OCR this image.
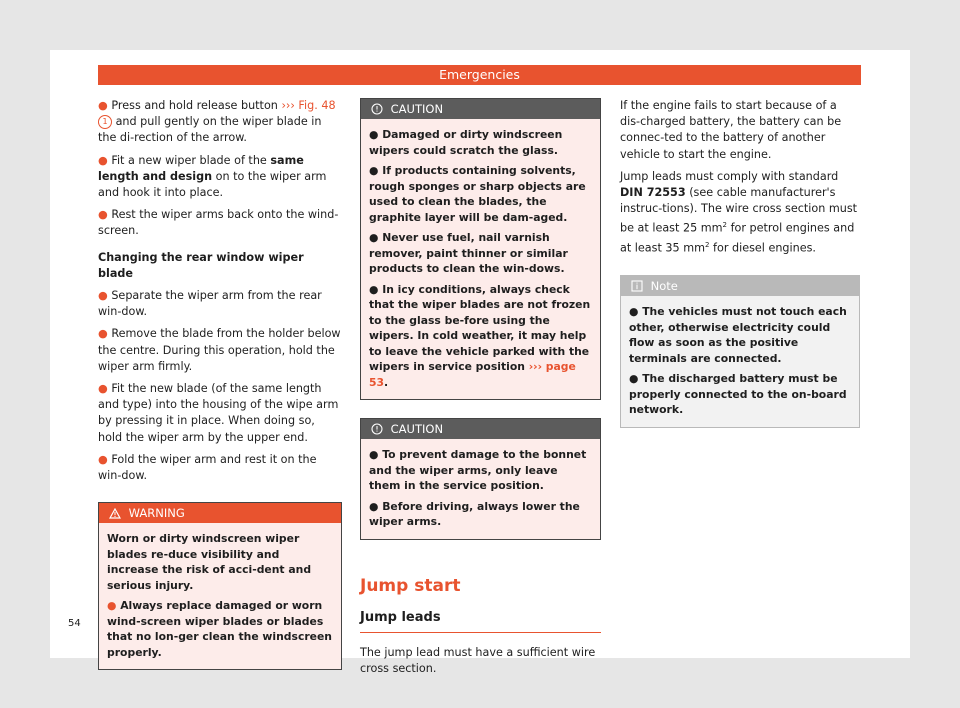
Emergencies

● Press and hold release button ››› Fig. 48 1 and pull gently on the wiper blade in the di-rection of the arrow.

● Fit a new wiper blade of the same length and design on to the wiper arm and hook it into place.

● Rest the wiper arms back onto the wind-screen.

Changing the rear window wiper blade

● Separate the wiper arm from the rear win-dow.

● Remove the blade from the holder below the centre. During this operation, hold the wiper arm firmly.

● Fit the new blade (of the same length and type) into the housing of the wipe arm by pressing it in place. When doing so, hold the wiper arm by the upper end.

● Fold the wiper arm and rest it on the win-dow.

WARNING

Worn or dirty windscreen wiper blades re-duce visibility and increase the risk of acci-dent and serious injury.

● Always replace damaged or worn wind-screen wiper blades or blades that no lon-ger clean the windscreen properly.

CAUTION

● Damaged or dirty windscreen wipers could scratch the glass.

● If products containing solvents, rough sponges or sharp objects are used to clean the blades, the graphite layer will be dam-aged.

● Never use fuel, nail varnish remover, paint thinner or similar products to clean the win-dows.

● In icy conditions, always check that the wiper blades are not frozen to the glass be-fore using the wipers. In cold weather, it may help to leave the vehicle parked with the wipers in service position ››› page 53.

CAUTION

● To prevent damage to the bonnet and the wiper arms, only leave them in the service position.

● Before driving, always lower the wiper arms.

Jump start
Jump leads

The jump lead must have a sufficient wire cross section.

If the engine fails to start because of a dis-charged battery, the battery can be connec-ted to the battery of another vehicle to start the engine.

Jump leads must comply with standard DIN 72553 (see cable manufacturer's instruc-tions). The wire cross section must be at least 25 $mm^2$ for petrol engines and at least 35 $mm^2$ for diesel engines.

Note

● The vehicles must not touch each other, otherwise electricity could flow as soon as the positive terminals are connected.

● The discharged battery must be properly connected to the on-board network.

54
